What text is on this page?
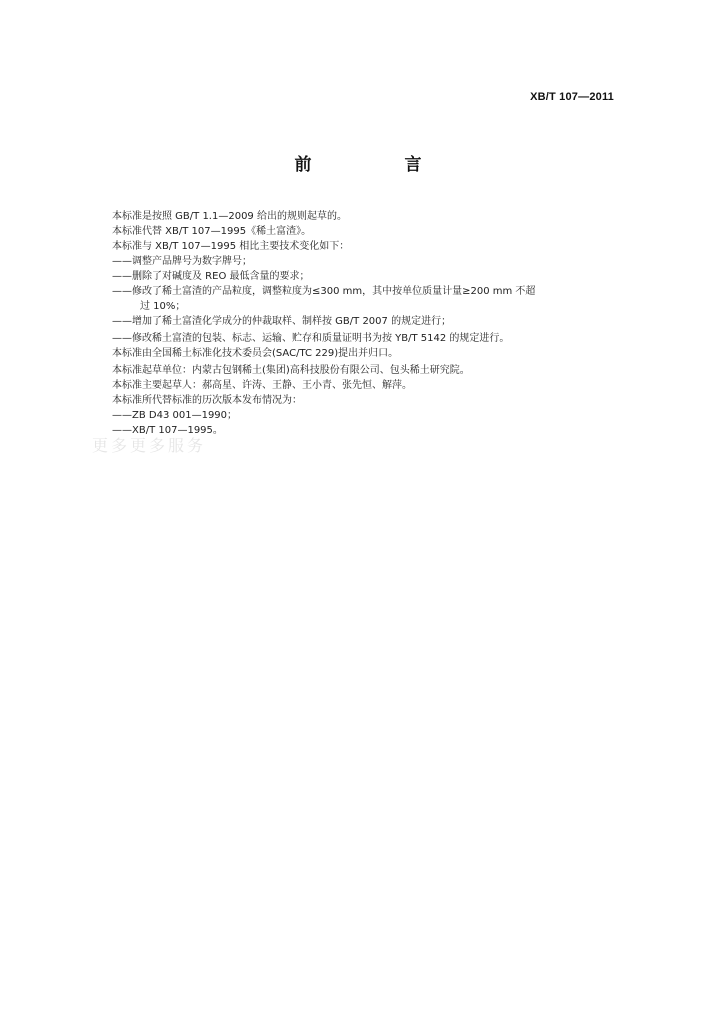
XB/T 107—2011
前　言
本标准是按照 GB/T 1.1—2009 给出的规则起草的。
本标准代替 XB/T 107—1995《稀土富渣》。
本标准与 XB/T 107—1995 相比主要技术变化如下：
——调整产品牌号为数字牌号；
——删除了对碱度及 REO 最低含量的要求；
——修改了稀土富渣的产品粒度，调整粒度为≤300 mm，其中按单位质量计量≥200 mm 不超
过 10%；
——增加了稀土富渣化学成分的仲裁取样、制样按 GB/T 2007 的规定进行；
——修改稀土富渣的包装、标志、运输、贮存和质量证明书为按 YB/T 5142 的规定进行。
本标准由全国稀土标准化技术委员会(SAC/TC 229)提出并归口。
本标准起草单位：内蒙古包钢稀土(集团)高科技股份有限公司、包头稀土研究院。
本标准主要起草人：郝高星、许涛、王静、王小青、张先恒、解萍。
本标准所代替标准的历次版本发布情况为：
——ZB D43 001—1990；
——XB/T 107—1995。
更多更多服务
